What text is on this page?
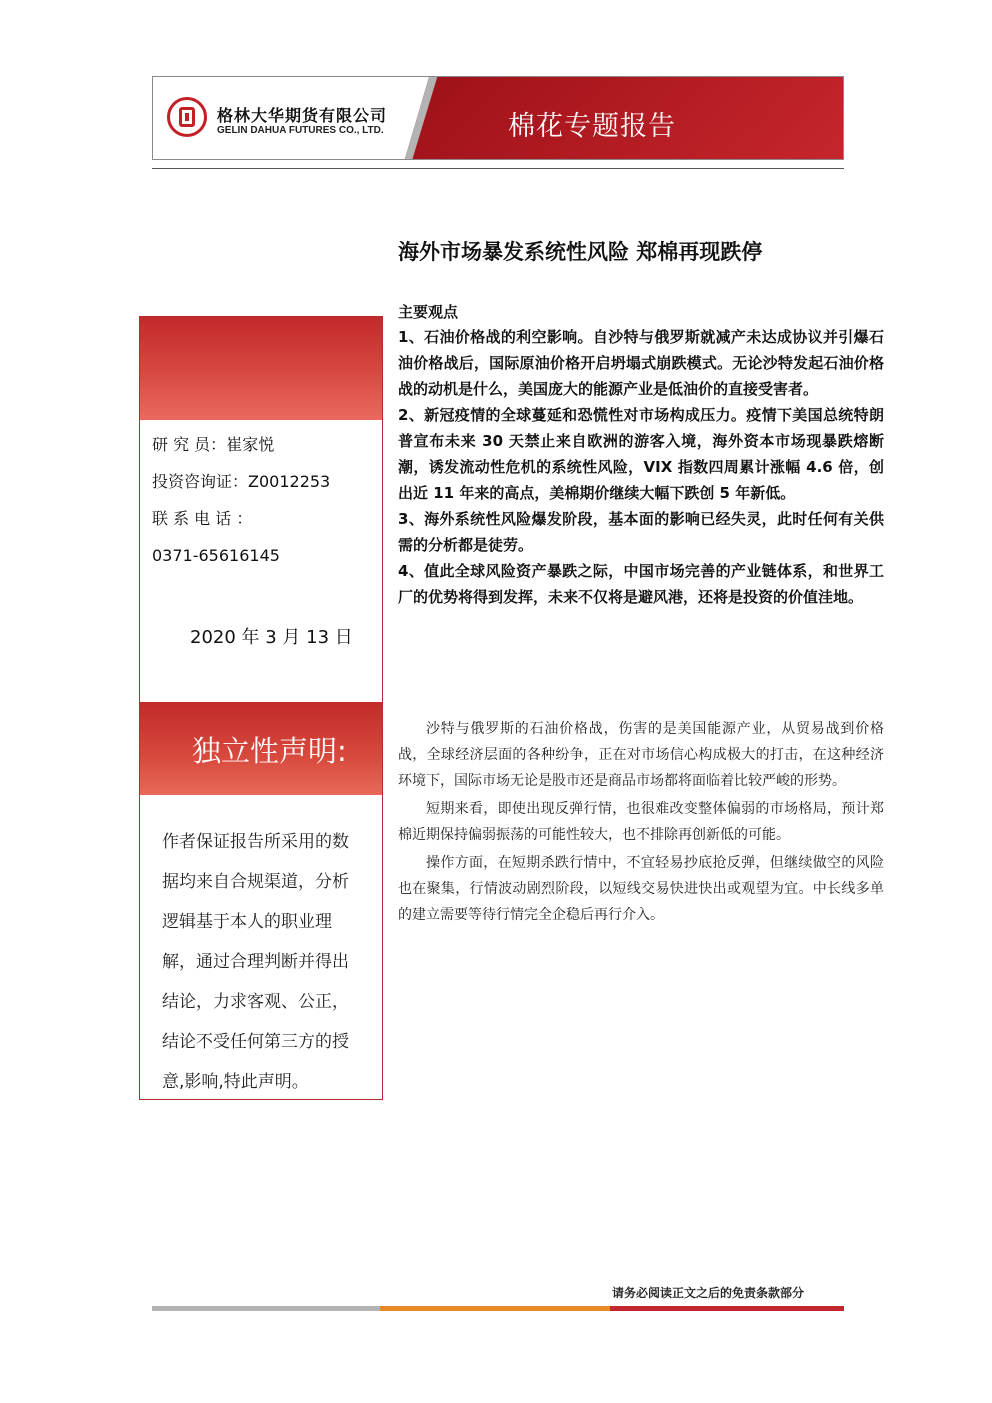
格林大华期货有限公司
GELIN DAHUA FUTURES CO., LTD.	棉花专题报告
海外市场暴发系统性风险 郑棉再现跌停
研 究 员：崔家悦
投资咨询证：Z0012253
联 系 电 话 ：
0371-65616145
2020 年 3 月 13 日
独立性声明:
作者保证报告所采用的数据均来自合规渠道，分析逻辑基于本人的职业理解，通过合理判断并得出结论，力求客观、公正，结论不受任何第三方的授意,影响,特此声明。
主要观点

1、石油价格战的利空影响。自沙特与俄罗斯就减产未达成协议并引爆石油价格战后，国际原油价格开启坍塌式崩跌模式。无论沙特发起石油价格战的动机是什么，美国庞大的能源产业是低油价的直接受害者。

2、新冠疫情的全球蔓延和恐慌性对市场构成压力。疫情下美国总统特朗普宣布未来 30 天禁止来自欧洲的游客入境，海外资本市场现暴跌熔断潮，诱发流动性危机的系统性风险，VIX 指数四周累计涨幅 4.6 倍，创出近 11 年来的高点，美棉期价继续大幅下跌创 5 年新低。

3、海外系统性风险爆发阶段，基本面的影响已经失灵，此时任何有关供需的分析都是徒劳。

4、值此全球风险资产暴跌之际，中国市场完善的产业链体系，和世界工厂的优势将得到发挥，未来不仅将是避风港，还将是投资的价值洼地。

沙特与俄罗斯的石油价格战，伤害的是美国能源产业，从贸易战到价格战，全球经济层面的各种纷争，正在对市场信心构成极大的打击，在这种经济环境下，国际市场无论是股市还是商品市场都将面临着比较严峻的形势。

短期来看，即使出现反弹行情，也很难改变整体偏弱的市场格局，预计郑棉近期保持偏弱振荡的可能性较大，也不排除再创新低的可能。

操作方面，在短期杀跌行情中，不宜轻易抄底抢反弹，但继续做空的风险也在聚集，行情波动剧烈阶段，以短线交易快进快出或观望为宜。中长线多单的建立需要等待行情完全企稳后再行介入。

请务必阅读正文之后的免责条款部分
